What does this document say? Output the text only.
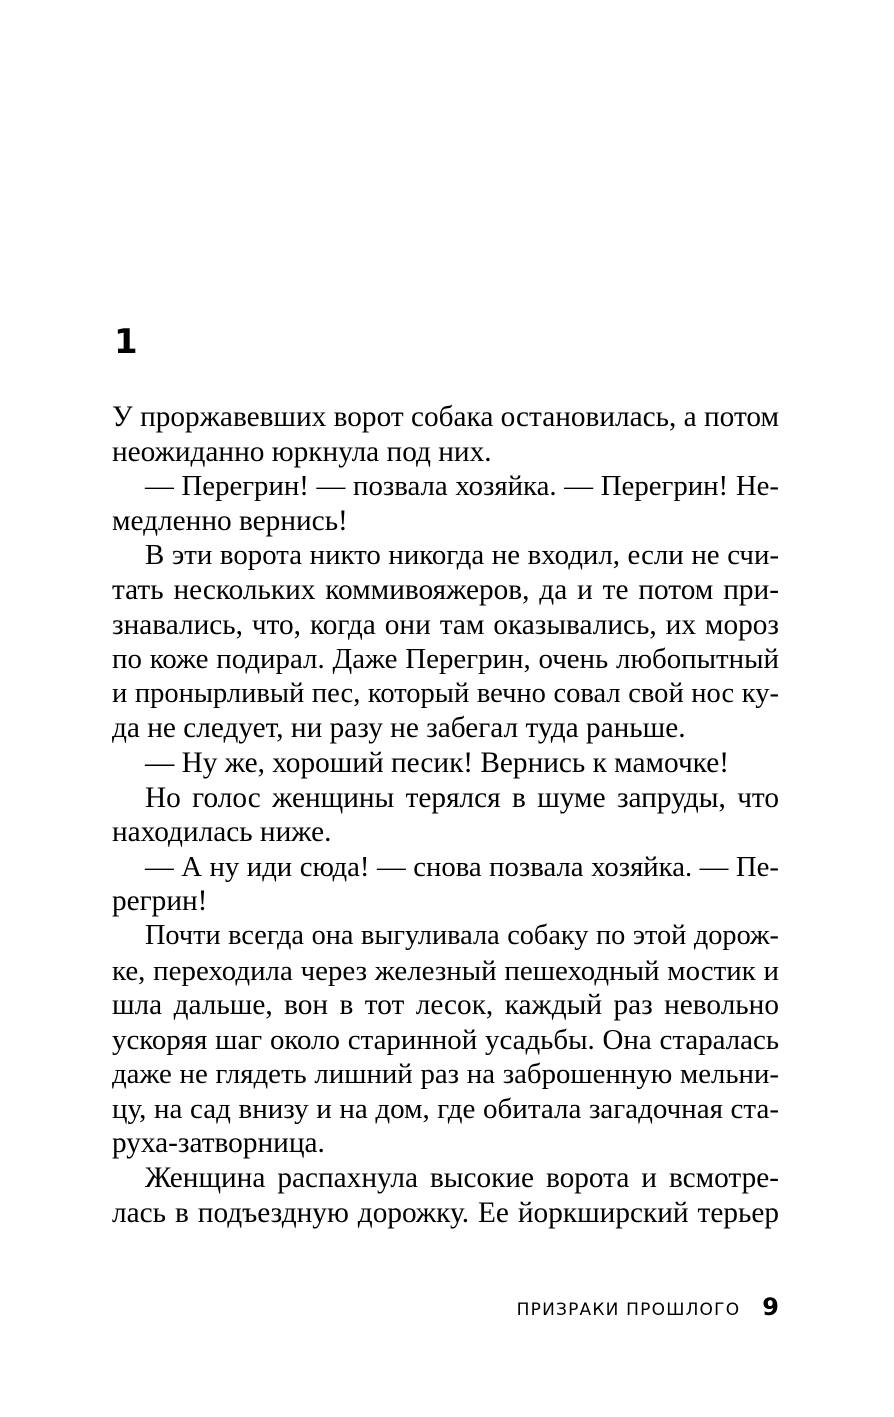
1
У проржавевших ворот собака остановилась, а потом
неожиданно юркнула под них.
— Перегрин! — позвала хозяйка. — Перегрин! Не-
медленно вернись!
В эти ворота никто никогда не входил, если не счи-
тать нескольких коммивояжеров, да и те потом при-
знавались, что, когда они там оказывались, их мороз
по коже подирал. Даже Перегрин, очень любопытный
и пронырливый пес, который вечно совал свой нос ку-
да не следует, ни разу не забегал туда раньше.
— Ну же, хороший песик! Вернись к мамочке!
Но голос женщины терялся в шуме запруды, что
находилась ниже.
— А ну иди сюда! — снова позвала хозяйка. — Пе-
регрин!
Почти всегда она выгуливала собаку по этой дорож-
ке, переходила через железный пешеходный мостик и
шла дальше, вон в тот лесок, каждый раз невольно
ускоряя шаг около старинной усадьбы. Она старалась
даже не глядеть лишний раз на заброшенную мельни-
цу, на сад внизу и на дом, где обитала загадочная ста-
руха-затворница.
Женщина распахнула высокие ворота и всмотре-
лась в подъездную дорожку. Ее йоркширский терьер
ПРИЗРАКИ ПРОШЛОГО 9
